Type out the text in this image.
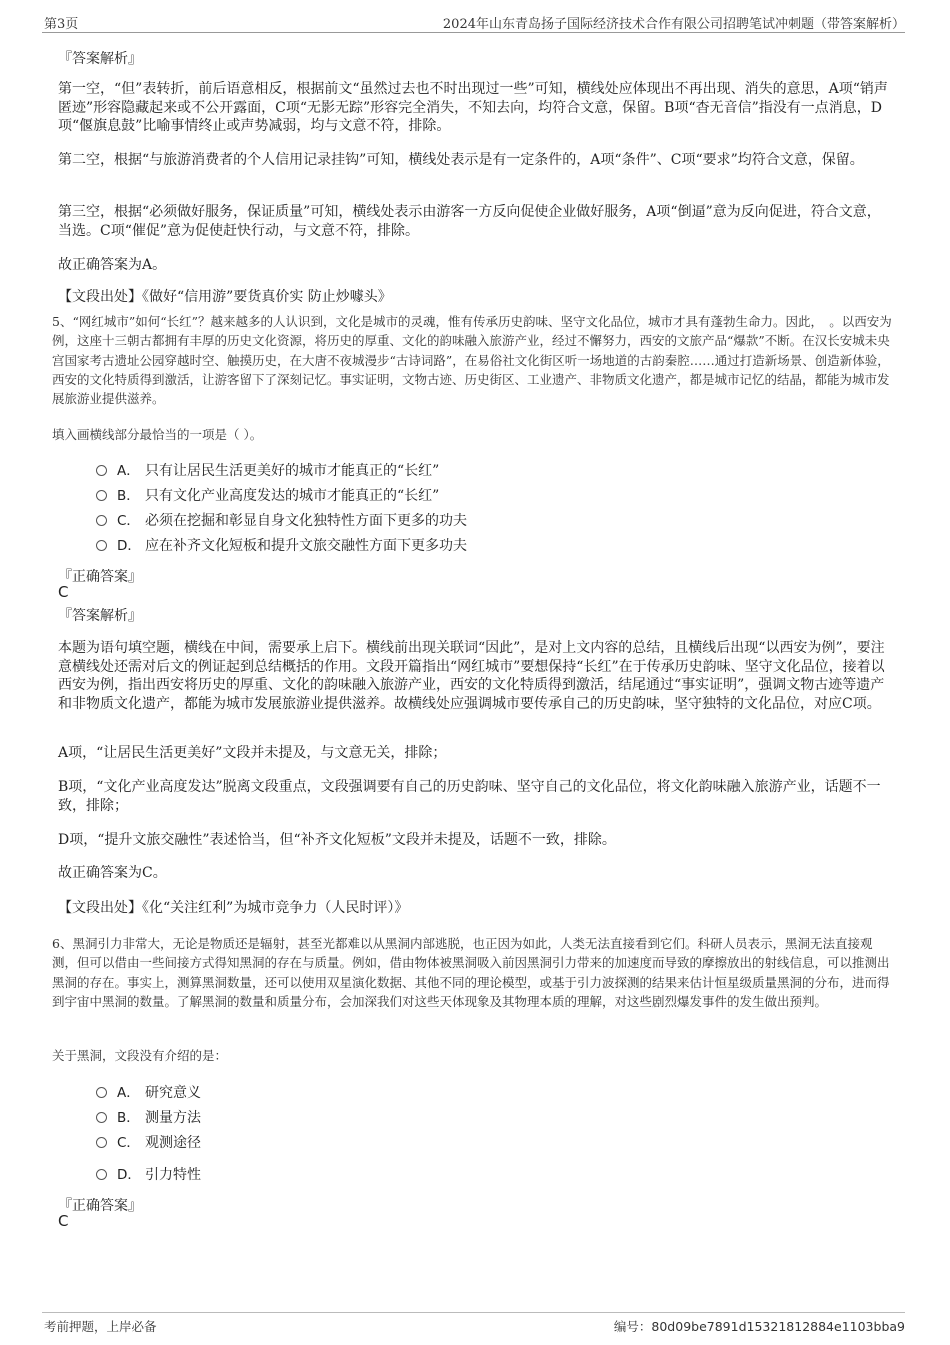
第3页	2024年山东青岛扬子国际经济技术合作有限公司招聘笔试冲刺题（带答案解析）
『答案解析』

第一空，“但”表转折，前后语意相反，根据前文“虽然过去也不时出现过一些”可知，横线处应体现出不再出现、消失的意思，A项“销声匿迹”形容隐藏起来或不公开露面，C项“无影无踪”形容完全消失，不知去向，均符合文意，保留。B项“杳无音信”指没有一点消息，D项“偃旗息鼓”比喻事情终止或声势减弱，均与文意不符，排除。

第二空，根据“与旅游消费者的个人信用记录挂钩”可知，横线处表示是有一定条件的，A项“条件”、C项“要求”均符合文意，保留。

第三空，根据“必须做好服务，保证质量”可知，横线处表示由游客一方反向促使企业做好服务，A项“倒逼”意为反向促进，符合文意，当选。C项“催促”意为促使赶快行动，与文意不符，排除。

故正确答案为A。

【文段出处】《做好“信用游”要货真价实 防止炒噱头》

5、“网红城市”如何“长红”？越来越多的人认识到，文化是城市的灵魂，惟有传承历史韵味、坚守文化品位，城市才具有蓬勃生命力。因此，　。以西安为例，这座十三朝古都拥有丰厚的历史文化资源，将历史的厚重、文化的韵味融入旅游产业，经过不懈努力，西安的文旅产品“爆款”不断。在汉长安城未央宫国家考古遗址公园穿越时空、触摸历史，在大唐不夜城漫步“古诗词路”，在易俗社文化街区听一场地道的古韵秦腔……通过打造新场景、创造新体验，西安的文化特质得到激活，让游客留下了深刻记忆。事实证明，文物古迹、历史街区、工业遗产、非物质文化遗产，都是城市记忆的结晶，都能为城市发展旅游业提供滋养。

填入画横线部分最恰当的一项是（ ）。

A． 只有让居民生活更美好的城市才能真正的“长红”
B． 只有文化产业高度发达的城市才能真正的“长红”
C． 必须在挖掘和彰显自身文化独特性方面下更多的功夫
D． 应在补齐文化短板和提升文旅交融性方面下更多功夫
『正确答案』
C
『答案解析』

本题为语句填空题，横线在中间，需要承上启下。横线前出现关联词“因此”，是对上文内容的总结，且横线后出现“以西安为例”，要注意横线处还需对后文的例证起到总结概括的作用。文段开篇指出“网红城市”要想保持“长红”在于传承历史韵味、坚守文化品位，接着以西安为例，指出西安将历史的厚重、文化的韵味融入旅游产业，西安的文化特质得到激活，结尾通过“事实证明”，强调文物古迹等遗产和非物质文化遗产，都能为城市发展旅游业提供滋养。故横线处应强调城市要传承自己的历史韵味，坚守独特的文化品位，对应C项。

A项，“让居民生活更美好”文段并未提及，与文意无关，排除；

B项，“文化产业高度发达”脱离文段重点，文段强调要有自己的历史韵味、坚守自己的文化品位，将文化韵味融入旅游产业，话题不一致，排除；

D项，“提升文旅交融性”表述恰当，但“补齐文化短板”文段并未提及，话题不一致，排除。

故正确答案为C。

【文段出处】《化“关注红利”为城市竞争力（人民时评）》

6、黑洞引力非常大，无论是物质还是辐射，甚至光都难以从黑洞内部逃脱，也正因为如此，人类无法直接看到它们。科研人员表示，黑洞无法直接观测，但可以借由一些间接方式得知黑洞的存在与质量。例如，借由物体被黑洞吸入前因黑洞引力带来的加速度而导致的摩擦放出的射线信息，可以推测出黑洞的存在。事实上，测算黑洞数量，还可以使用双星演化数据、其他不同的理论模型，或基于引力波探测的结果来估计恒星级质量黑洞的分布，进而得到宇宙中黑洞的数量。了解黑洞的数量和质量分布，会加深我们对这些天体现象及其物理本质的理解，对这些剧烈爆发事件的发生做出预判。

关于黑洞，文段没有介绍的是：

A． 研究意义
B． 测量方法
C． 观测途径
D． 引力特性
『正确答案』
C
考前押题，上岸必备	编号：80d09be7891d15321812884e1103bba9
